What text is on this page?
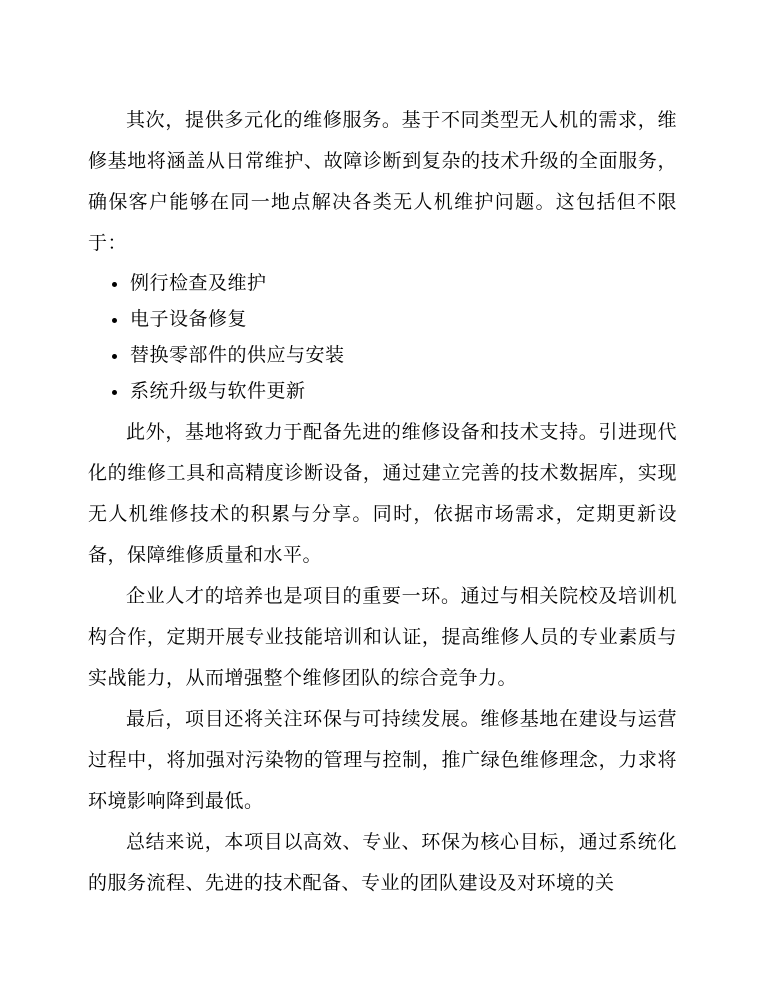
其次，提供多元化的维修服务。基于不同类型无人机的需求，维修基地将涵盖从日常维护、故障诊断到复杂的技术升级的全面服务，确保客户能够在同一地点解决各类无人机维护问题。这包括但不限于：

例行检查及维护
电子设备修复
替换零部件的供应与安装
系统升级与软件更新

此外，基地将致力于配备先进的维修设备和技术支持。引进现代化的维修工具和高精度诊断设备，通过建立完善的技术数据库，实现无人机维修技术的积累与分享。同时，依据市场需求，定期更新设备，保障维修质量和水平。

企业人才的培养也是项目的重要一环。通过与相关院校及培训机构合作，定期开展专业技能培训和认证，提高维修人员的专业素质与实战能力，从而增强整个维修团队的综合竞争力。

最后，项目还将关注环保与可持续发展。维修基地在建设与运营过程中，将加强对污染物的管理与控制，推广绿色维修理念，力求将环境影响降到最低。

总结来说，本项目以高效、专业、环保为核心目标，通过系统化的服务流程、先进的技术配备、专业的团队建设及对环境的关
